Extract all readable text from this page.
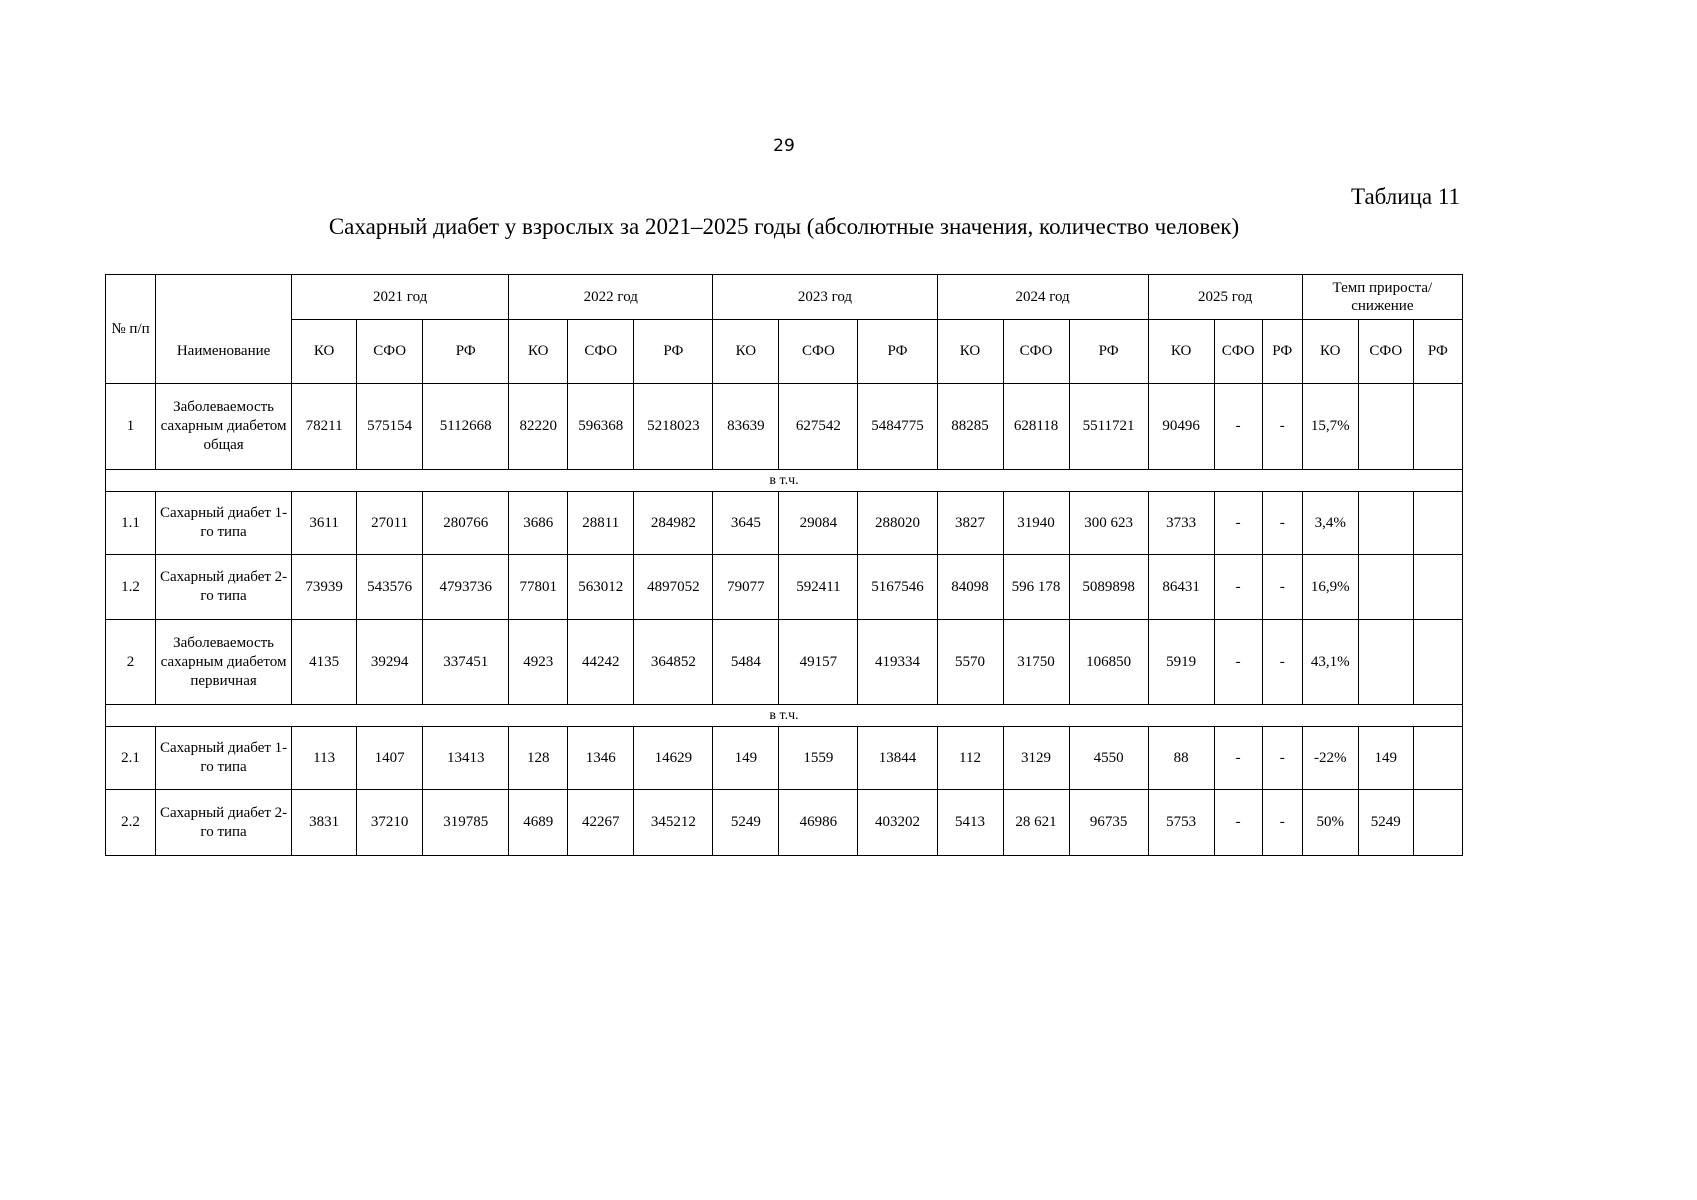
29
Таблица 11
Сахарный диабет у взрослых за 2021–2025 годы (абсолютные значения, количество человек)
№ п/п	Наименование	2021 год			2022 год			2023 год			2024 год			2025 год			Темп прироста/ снижение		
		КО	СФО	РФ	КО	СФО	РФ	КО	СФО	РФ	КО	СФО	РФ	КО	СФО	РФ	КО	СФО	РФ
1	Заболеваемость сахарным диабетом общая	78211	575154	5112668	82220	596368	5218023	83639	627542	5484775	88285	628118	5511721	90496	-	-	15,7%		
в т.ч.																			
1.1	Сахарный диабет 1-го типа	3611	27011	280766	3686	28811	284982	3645	29084	288020	3827	31940	300 623	3733	-	-	3,4%		
1.2	Сахарный диабет 2-го типа	73939	543576	4793736	77801	563012	4897052	79077	592411	5167546	84098	596 178	5089898	86431	-	-	16,9%		
2	Заболеваемость сахарным диабетом первичная	4135	39294	337451	4923	44242	364852	5484	49157	419334	5570	31750	106850	5919	-	-	43,1%		
в т.ч.																			
2.1	Сахарный диабет 1-го типа	113	1407	13413	128	1346	14629	149	1559	13844	112	3129	4550	88	-	-	-22%	149	
2.2	Сахарный диабет 2-го типа	3831	37210	319785	4689	42267	345212	5249	46986	403202	5413	28 621	96735	5753	-	-	50%	5249	
